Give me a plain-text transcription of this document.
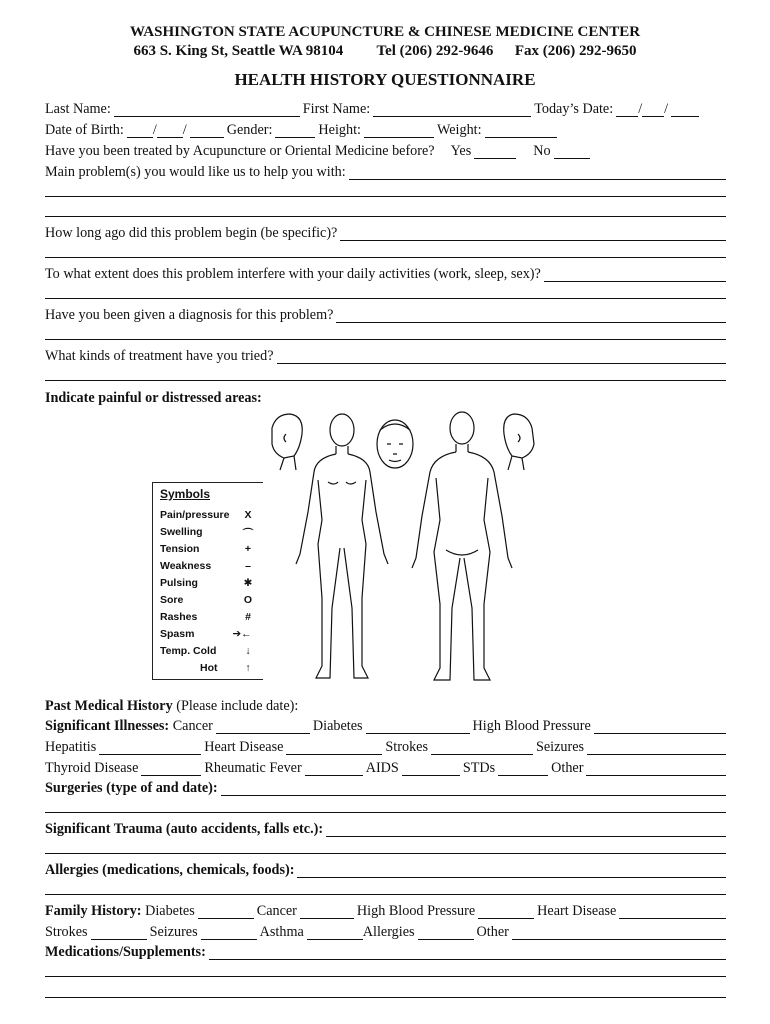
WASHINGTON STATE ACUPUNCTURE & CHINESE MEDICINE CENTER
663 S. King St, Seattle WA 98104 Tel (206) 292-9646 Fax (206) 292-9650
HEALTH HISTORY QUESTIONNAIRE
Last Name:	First Name:	Today’s Date: / /
Date of Birth: / /	Gender:	Height:	Weight:
Have you been treated by Acupuncture or Oriental Medicine before? Yes	No
Main problem(s) you would like us to help you with:
How long ago did this problem begin (be specific)?
To what extent does this problem interfere with your daily activities (work, sleep, sex)?
Have you been given a diagnosis for this problem?
What kinds of treatment have you tried?
Indicate painful or distressed areas:
Symbols
Pain/pressure	X
Swelling	⌒
Tension	+
Weakness	–
Pulsing	✱
Sore	O
Rashes	#
Spasm	➔←
Temp. Cold	↓
Hot	↑
Past Medical History
(Please include date):
Significant Illnesses:
Cancer	Diabetes	High Blood Pressure
Hepatitis	Heart Disease	Strokes	Seizures
Thyroid Disease	Rheumatic Fever	AIDS	STDs	Other
Surgeries (type of and date):
Significant Trauma (auto accidents, falls etc.):
Allergies (medications, chemicals, foods):
Family History:
Diabetes	Cancer	High Blood Pressure	Heart Disease
Strokes	Seizures	Asthma	Allergies	Other
Medications/Supplements:
